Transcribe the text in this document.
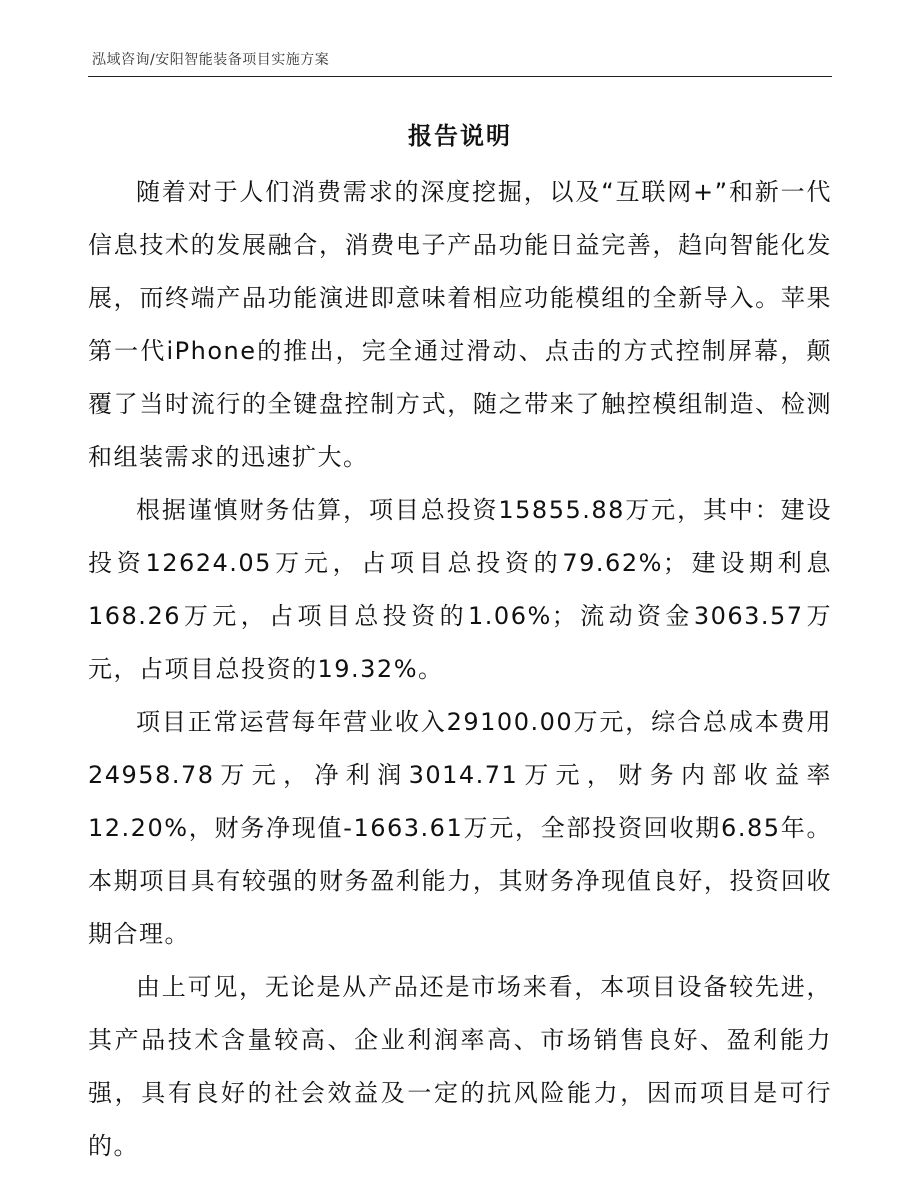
泓域咨询/安阳智能装备项目实施方案
报告说明

随着对于人们消费需求的深度挖掘，以及“互联网+”和新一代信息技术的发展融合，消费电子产品功能日益完善，趋向智能化发展，而终端产品功能演进即意味着相应功能模组的全新导入。苹果第一代iPhone的推出，完全通过滑动、点击的方式控制屏幕，颠覆了当时流行的全键盘控制方式，随之带来了触控模组制造、检测和组装需求的迅速扩大。

根据谨慎财务估算，项目总投资15855.88万元，其中：建设投资12624.05万元，占项目总投资的79.62%；建设期利息168.26万元，占项目总投资的1.06%；流动资金3063.57万元，占项目总投资的19.32%。

项目正常运营每年营业收入29100.00万元，综合总成本费用24958.78万元，净利润3014.71万元，财务内部收益率12.20%，财务净现值-1663.61万元，全部投资回收期6.85年。本期项目具有较强的财务盈利能力，其财务净现值良好，投资回收期合理。

由上可见，无论是从产品还是市场来看，本项目设备较先进，其产品技术含量较高、企业利润率高、市场销售良好、盈利能力强，具有良好的社会效益及一定的抗风险能力，因而项目是可行的。
